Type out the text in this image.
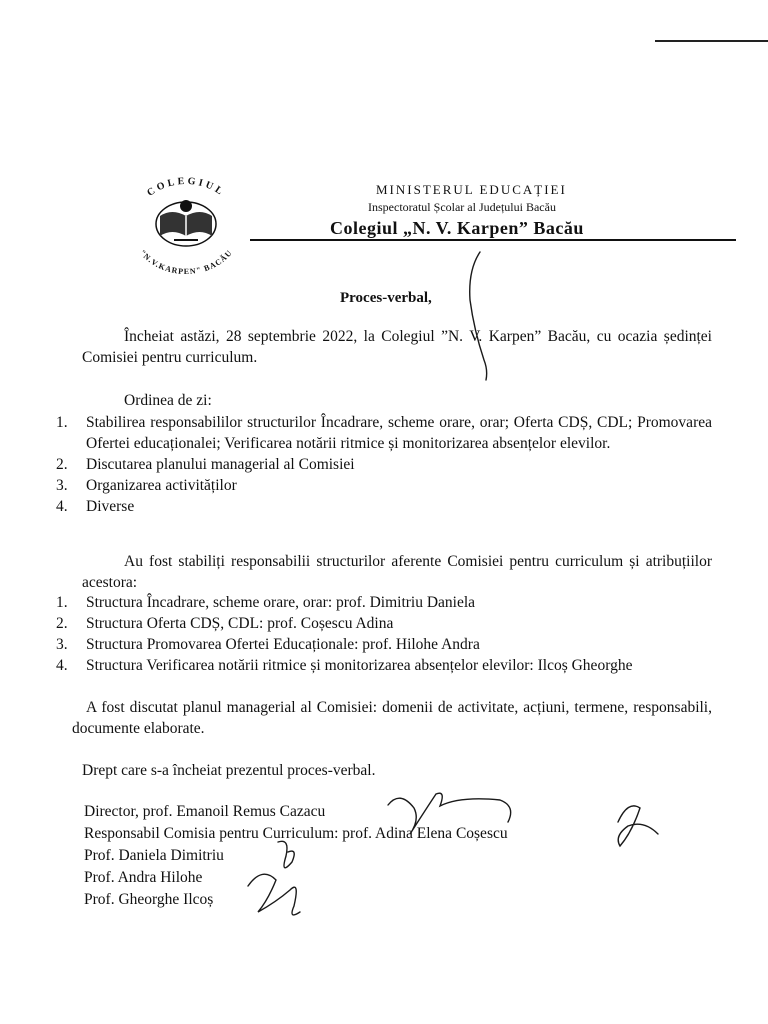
COLEGIUL
"N.V.KARPEN" BACĂU
MINISTERUL EDUCAȚIEI
Inspectoratul Școlar al Județului Bacău
Colegiul „N. V. Karpen” Bacău
Proces-verbal,
Încheiat astăzi, 28 septembrie 2022, la Colegiul ”N. V. Karpen” Bacău, cu ocazia ședinței Comisiei pentru curriculum.
Ordinea de zi:
1. Stabilirea responsabililor structurilor Încadrare, scheme orare, orar; Oferta CDȘ, CDL; Promovarea Ofertei educaționalei; Verificarea notării ritmice și monitorizarea absențelor elevilor.
2. Discutarea planului managerial al Comisiei
3. Organizarea activităților
4. Diverse
Au fost stabiliți responsabilii structurilor aferente Comisiei pentru curriculum și atribuțiilor acestora:
1. Structura Încadrare, scheme orare, orar: prof. Dimitriu Daniela
2. Structura Oferta CDȘ, CDL: prof. Coșescu Adina
3. Structura Promovarea Ofertei Educaționale: prof. Hilohe Andra
4. Structura Verificarea notării ritmice și monitorizarea absențelor elevilor: Ilcoș Gheorghe
A fost discutat planul managerial al Comisiei: domenii de activitate, acțiuni, termene, responsabili, documente elaborate.
Drept care s-a încheiat prezentul proces-verbal.
Director, prof. Emanoil Remus Cazacu
Responsabil Comisia pentru Curriculum: prof. Adina Elena Coșescu
Prof. Daniela Dimitriu
Prof. Andra Hilohe
Prof. Gheorghe Ilcoș
